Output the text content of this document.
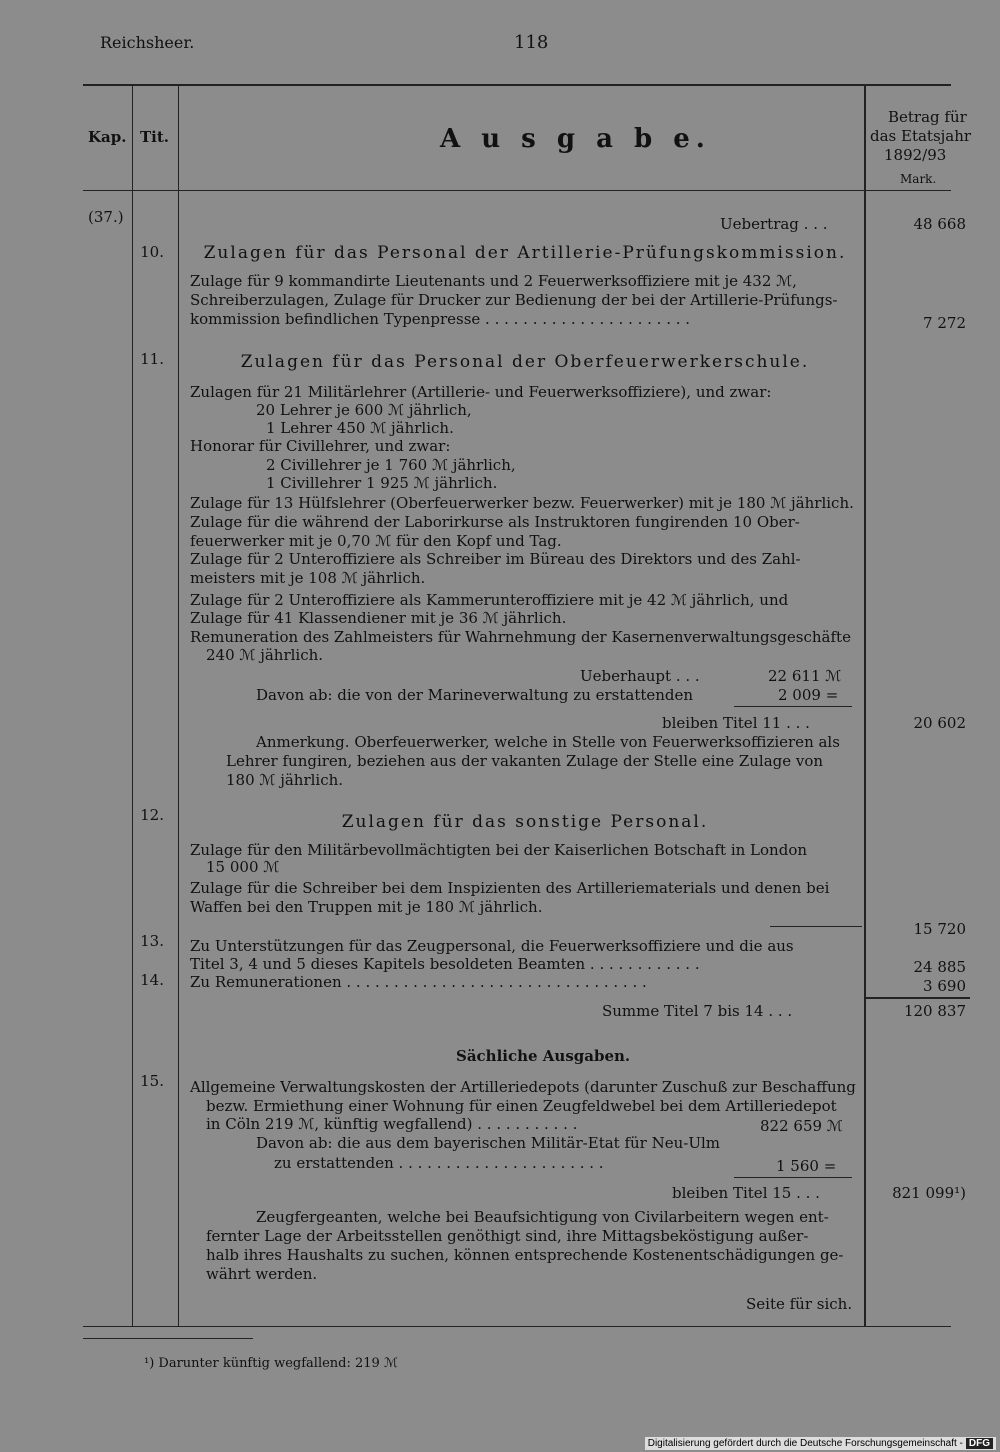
Reichsheer.	118
Kap. Tit.	A u s g a b e.
Betrag für
das Etatsjahr
1892/93
Mark.
(37.)	Uebertrag . . .	48 668
10.	Zulagen für das Personal der Artillerie-Prüfungskommission.
Zulage für 9 kommandirte Lieutenants und 2 Feuerwerksoffiziere mit je 432 ℳ,
Schreiberzulagen, Zulage für Drucker zur Bedienung der bei der Artillerie-Prüfungs-
kommission befindlichen Typenpresse . . . . . . . . . . . . . . . . . . . . . .	7 272
11.	Zulagen für das Personal der Oberfeuerwerkerschule.
Zulagen für 21 Militärlehrer (Artillerie- und Feuerwerksoffiziere), und zwar:
20 Lehrer je 600 ℳ jährlich,
1 Lehrer 450 ℳ jährlich.
Honorar für Civillehrer, und zwar:
2 Civillehrer je 1 760 ℳ jährlich,
1 Civillehrer 1 925 ℳ jährlich.
Zulage für 13 Hülfslehrer (Oberfeuerwerker bezw. Feuerwerker) mit je 180 ℳ jährlich.
Zulage für die während der Laborirkurse als Instruktoren fungirenden 10 Ober-
feuerwerker mit je 0,70 ℳ für den Kopf und Tag.
Zulage für 2 Unteroffiziere als Schreiber im Büreau des Direktors und des Zahl-
meisters mit je 108 ℳ jährlich.
Zulage für 2 Unteroffiziere als Kammerunteroffiziere mit je 42 ℳ jährlich, und
Zulage für 41 Klassendiener mit je 36 ℳ jährlich.
Remuneration des Zahlmeisters für Wahrnehmung der Kasernenverwaltungsgeschäfte
240 ℳ jährlich.
Ueberhaupt . . .	22 611 ℳ
Davon ab: die von der Marineverwaltung zu erstattenden	2 009 =
bleiben Titel 11 . . .	20 602
Anmerkung. Oberfeuerwerker, welche in Stelle von Feuerwerksoffizieren als
Lehrer fungiren, beziehen aus der vakanten Zulage der Stelle eine Zulage von
180 ℳ jährlich.
12.	Zulagen für das sonstige Personal.
Zulage für den Militärbevollmächtigten bei der Kaiserlichen Botschaft in London
15 000 ℳ
Zulage für die Schreiber bei dem Inspizienten des Artilleriematerials und denen bei
Waffen bei den Truppen mit je 180 ℳ jährlich.
15 720
13. Zu Unterstützungen für das Zeugpersonal, die Feuerwerksoffiziere und die aus
Titel 3, 4 und 5 dieses Kapitels besoldeten Beamten . . . . . . . . . . . .	24 885
14. Zu Remunerationen . . . . . . . . . . . . . . . . . . . . . . . . . . . . . . . .	3 690
Summe Titel 7 bis 14 . . .	120 837
Sächliche Ausgaben.
15. Allgemeine Verwaltungskosten der Artilleriedepots (darunter Zuschuß zur Beschaffung
bezw. Ermiethung einer Wohnung für einen Zeugfeldwebel bei dem Artilleriedepot
in Cöln 219 ℳ, künftig wegfallend) . . . . . . . . . . .	822 659 ℳ
Davon ab: die aus dem bayerischen Militär-Etat für Neu-Ulm
zu erstattenden . . . . . . . . . . . . . . . . . . . . . .	1 560 =
bleiben Titel 15 . . .	821 099¹)
Zeugfergeanten, welche bei Beaufsichtigung von Civilarbeitern wegen ent-
fernter Lage der Arbeitsstellen genöthigt sind, ihre Mittagsbeköstigung außer-
halb ihres Haushalts zu suchen, können entsprechende Kostenentschädigungen ge-
währt werden.
Seite für sich.
¹) Darunter künftig wegfallend: 219 ℳ
Digitalisierung gefördert durch die Deutsche Forschungsgemeinschaft - DFG
